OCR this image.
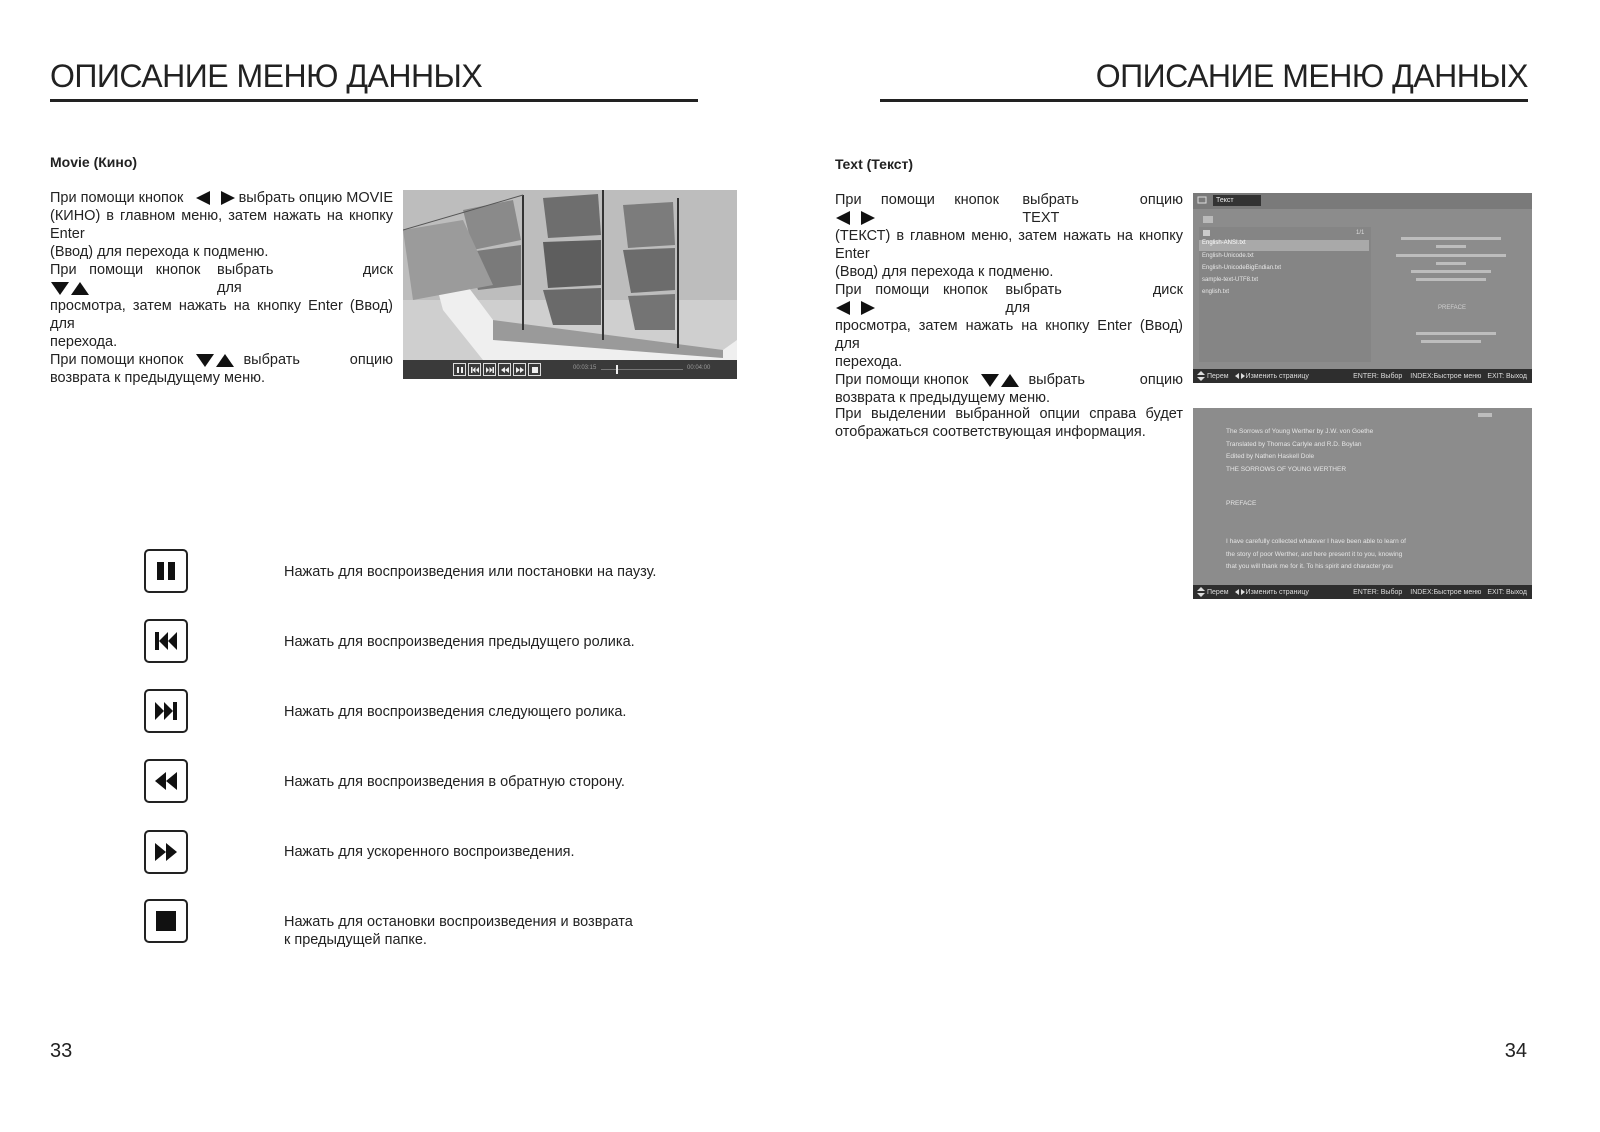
ОПИСАНИЕ МЕНЮ ДАННЫХ
Movie (Кино)
При помощи кнопок	выбрать опцию MOVIE
(КИНО) в главном меню, затем нажать на кнопку Enter
(Ввод) для перехода к подменю.
При помощи кнопок	выбрать диск для
просмотра, затем нажать на кнопку Enter (Ввод) для
перехода.
При помощи кнопок	выбрать	опцию
возврата к предыдущему меню.
00:03:15	00:04:00
Нажать для воспроизведения или постановки на паузу.
Нажать для воспроизведения предыдущего ролика.
Нажать для воспроизведения следующего ролика.
Нажать для воспроизведения в обратную сторону.
Нажать для ускоренного воспроизведения.
Нажать для остановки воспроизведения и возврата
к предыдущей папке.
33
ОПИСАНИЕ МЕНЮ ДАННЫХ
Text (Текст)
При помощи кнопок	выбрать опцию TEXT
(ТЕКСТ) в главном меню, затем нажать на кнопку Enter
(Ввод) для перехода к подменю.
При помощи кнопок	выбрать диск для
просмотра, затем нажать на кнопку Enter (Ввод) для
перехода.
При помощи кнопок	выбрать	опцию
возврата к предыдущему меню.
При выделении выбранной опции справа будет
отображаться соответствующая информация.
Текст
1/1
English-ANSI.txt
English-Unicode.txt
English-UnicodeBigEndian.txt
sample-text-UTF8.txt
english.txt
PREFACE
Перем Изменить страницу	ENTER: Выбор INDEX:Быстрое меню EXIT: Выход
The Sorrows of Young Werther by J.W. von Goethe
Translated by Thomas Carlyle and R.D. Boylan
Edited by Nathen Haskell Dole
THE SORROWS OF YOUNG WERTHER
PREFACE
I have carefully collected whatever I have been able to learn of
the story of poor Werther, and here present it to you, knowing
that you will thank me for it. To his spirit and character you
Перем Изменить страницу	ENTER: Выбор INDEX:Быстрое меню EXIT: Выход
34
